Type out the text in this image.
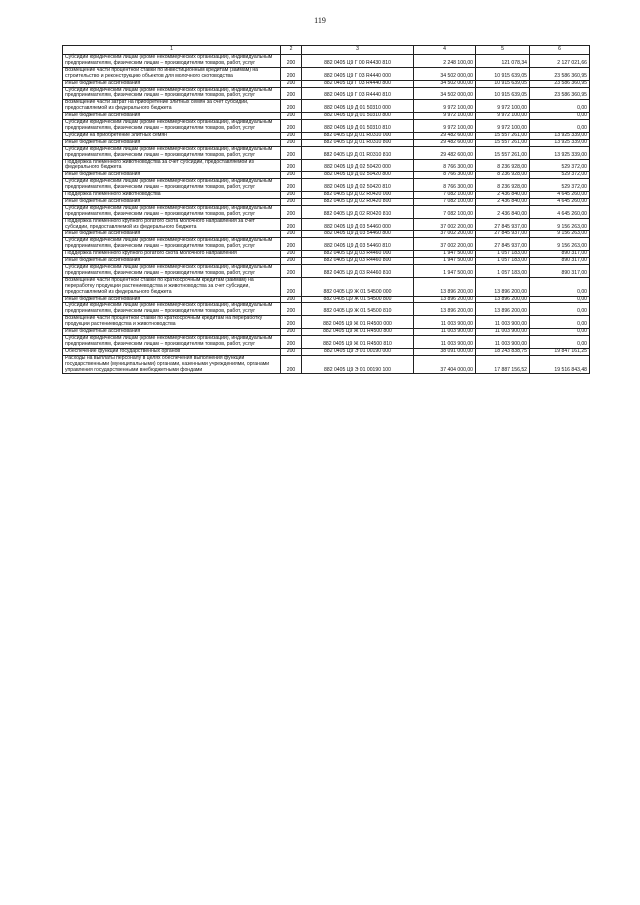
119
1	2	3	4	5	6
Субсидии юридическим лицам (кроме некоммерческих организаций), индивидуальным предпринимателям, физическим лицам – производителям товаров, работ, услуг	200	882 0405 Ц9 Г 00 R4430 810	2 248 100,00	121 078,34	2 127 021,66
Возмещение части процентной ставки по инвестиционным кредитам (займам) на строительство и реконструкцию объектов для молочного скотоводства	200	882 0405 Ц9 Г 03 R4440 000	34 502 000,00	10 915 639,05	23 586 360,95
Иные бюджетные ассигнования	200	882 0405 Ц9 Г 03 R4440 800	34 502 000,00	10 915 639,05	23 586 360,95
Субсидии юридическим лицам (кроме некоммерческих организаций), индивидуальным предпринимателям, физическим лицам – производителям товаров, работ, услуг	200	882 0405 Ц9 Г 03 R4440 810	34 502 000,00	10 915 639,05	23 586 360,95
Возмещение части затрат на приобретение элитных семян за счет субсидии, предоставляемой из федерального бюджета	200	882 0405 Ц9 Д 01 50310 000	9 972 100,00	9 972 100,00	0,00
Иные бюджетные ассигнования	200	882 0405 Ц9 Д 01 50310 800	9 972 100,00	9 972 100,00	0,00
Субсидии юридическим лицам (кроме некоммерческих организаций), индивидуальным предпринимателям, физическим лицам – производителям товаров, работ, услуг	200	882 0405 Ц9 Д 01 50310 810	9 972 100,00	9 972 100,00	0,00
Субсидии на приобретение элитных семян	200	882 0405 Ц9 Д 01 R0310 000	29 482 600,00	15 557 261,00	13 925 339,00
Иные бюджетные ассигнования	200	882 0405 Ц9 Д 01 R0310 800	29 482 600,00	15 557 261,00	13 925 339,00
Субсидии юридическим лицам (кроме некоммерческих организаций), индивидуальным предпринимателям, физическим лицам – производителям товаров, работ, услуг	200	882 0405 Ц9 Д 01 R0310 810	29 482 600,00	15 557 261,00	13 925 339,00
Поддержка племенного животноводства за счет субсидии, предоставляемой из федерального бюджета	200	882 0405 Ц9 Д 02 50420 000	8 766 300,00	8 236 928,00	529 372,00
Иные бюджетные ассигнования	200	882 0405 Ц9 Д 02 50420 800	8 766 300,00	8 236 928,00	529 372,00
Субсидии юридическим лицам (кроме некоммерческих организаций), индивидуальным предпринимателям, физическим лицам – производителям товаров, работ, услуг	200	882 0405 Ц9 Д 02 50420 810	8 766 300,00	8 236 928,00	529 372,00
Поддержка племенного животноводства	200	882 0405 Ц9 Д 02 R0420 000	7 082 100,00	2 436 840,00	4 645 260,00
Иные бюджетные ассигнования	200	882 0405 Ц9 Д 02 R0420 800	7 082 100,00	2 436 840,00	4 645 260,00
Субсидии юридическим лицам (кроме некоммерческих организаций), индивидуальным предпринимателям, физическим лицам – производителям товаров, работ, услуг	200	882 0405 Ц9 Д 02 R0420 810	7 082 100,00	2 436 840,00	4 645 260,00
Поддержка племенного крупного рогатого скота молочного направления за счет субсидии, предоставляемой из федерального бюджета	200	882 0405 Ц9 Д 03 54460 000	37 002 200,00	27 845 937,00	9 156 263,00
Иные бюджетные ассигнования	200	882 0405 Ц9 Д 03 54460 800	37 002 200,00	27 845 937,00	9 156 263,00
Субсидии юридическим лицам (кроме некоммерческих организаций), индивидуальным предпринимателям, физическим лицам – производителям товаров, работ, услуг	200	882 0405 Ц9 Д 03 54460 810	37 002 200,00	27 845 937,00	9 156 263,00
Поддержка племенного крупного рогатого скота молочного направления	200	882 0405 Ц9 Д 03 R4460 000	1 947 500,00	1 057 183,00	890 317,00
Иные бюджетные ассигнования	200	882 0405 Ц9 Д 03 R4460 800	1 947 500,00	1 057 183,00	890 317,00
Субсидии юридическим лицам (кроме некоммерческих организаций), индивидуальным предпринимателям, физическим лицам – производителям товаров, работ, услуг	200	882 0405 Ц9 Д 03 R4460 810	1 947 500,00	1 057 183,00	890 317,00
Возмещение части процентной ставки по краткосрочным кредитам (займам) на переработку продукции растениеводства и животноводства за счет субсидии, предоставляемой из федерального бюджета	200	882 0405 Ц9 Ж 01 54500 000	13 896 200,00	13 896 200,00	0,00
Иные бюджетные ассигнования	200	882 0405 Ц9 Ж 01 54500 800	13 896 200,00	13 896 200,00	0,00
Субсидии юридическим лицам (кроме некоммерческих организаций), индивидуальным предпринимателям, физическим лицам – производителям товаров, работ, услуг	200	882 0405 Ц9 Ж 01 54500 810	13 896 200,00	13 896 200,00	0,00
Возмещение части процентной ставки по краткосрочным кредитам на переработку продукции растениеводства и животноводства	200	882 0405 Ц9 Ж 01 R4500 000	11 003 900,00	11 003 900,00	0,00
Иные бюджетные ассигнования	200	882 0405 Ц9 Ж 01 R4500 800	11 003 900,00	11 003 900,00	0,00
Субсидии юридическим лицам (кроме некоммерческих организаций), индивидуальным предпринимателям, физическим лицам – производителям товаров, работ, услуг	200	882 0405 Ц9 Ж 01 R4500 810	11 003 900,00	11 003 900,00	0,00
Обеспечение функций государственных органов	200	882 0405 Ц9 Э 01 00190 000	38 091 000,00	18 243 838,75	19 847 161,25
Расходы на выплаты персоналу в целях обеспечения выполнения функций государственными (муниципальными) органами, казенными учреждениями, органами управления государственными внебюджетными фондами	200	882 0405 Ц9 Э 01 00190 100	37 404 000,00	17 887 156,52	19 516 843,48
